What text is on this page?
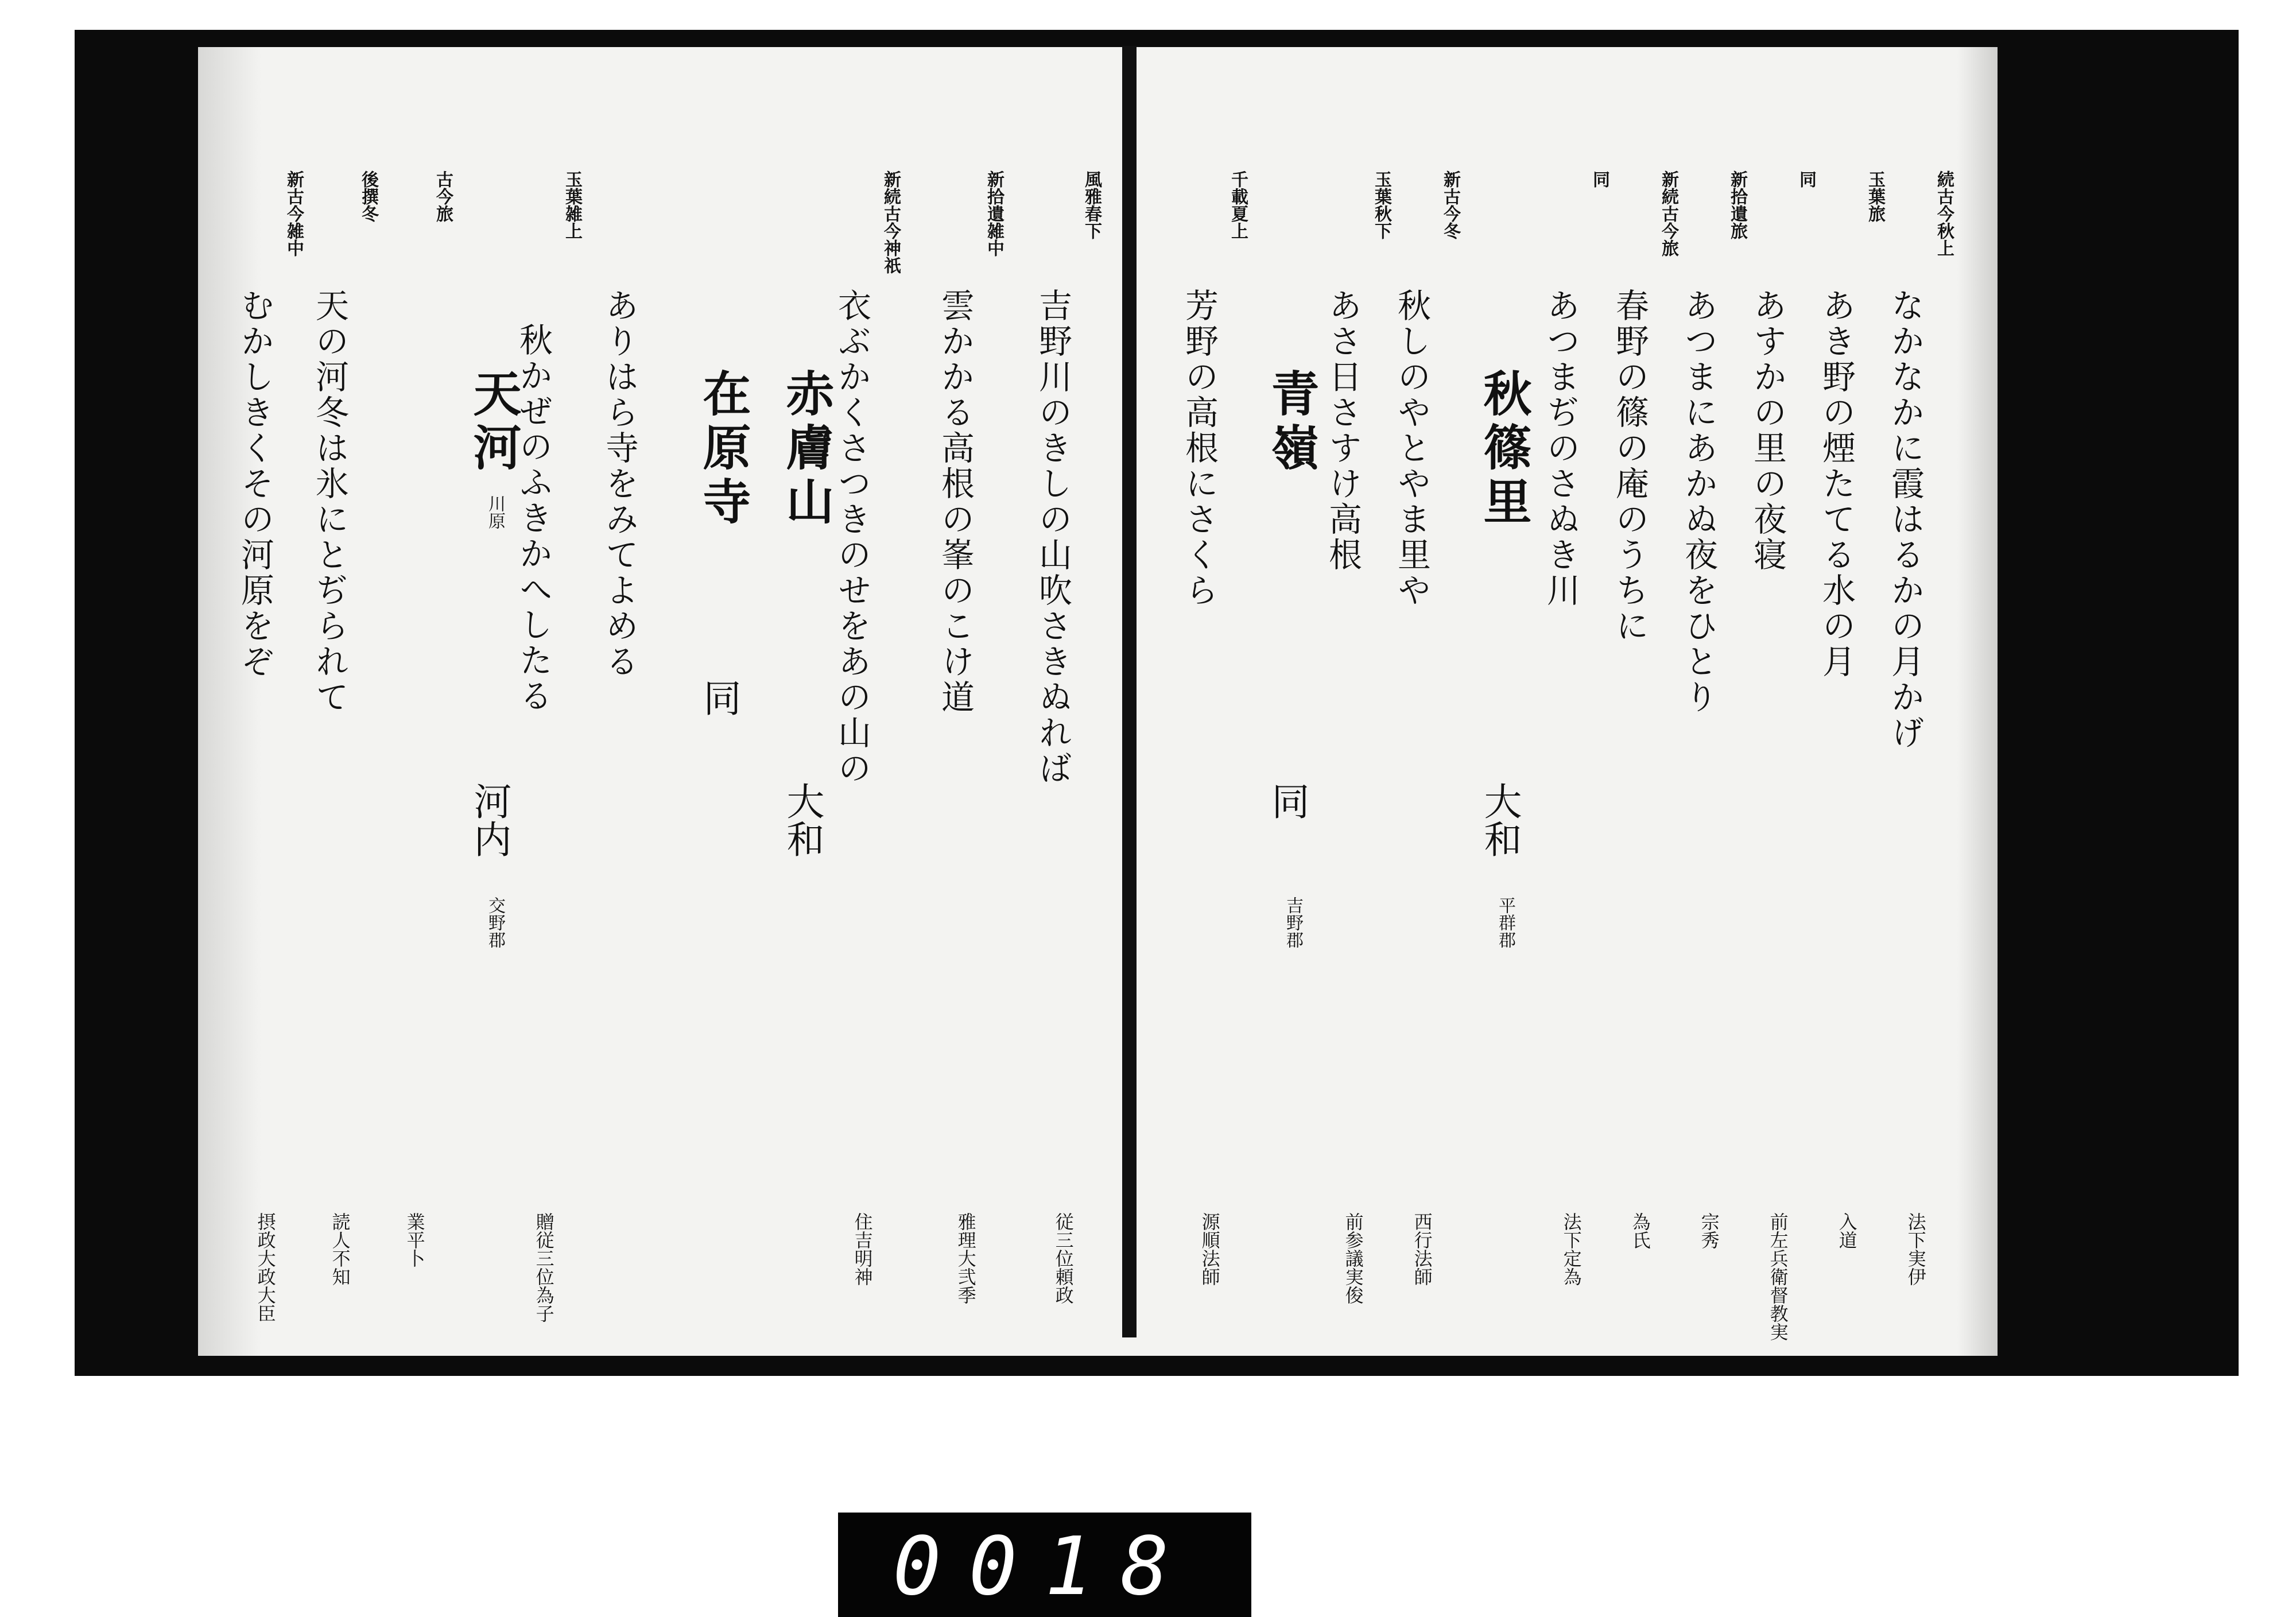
風雅春下
吉野川のきしの山吹さきぬれば
従三位頼政
新拾遺雑中
雲かかる高根の峯のこけ道
雅理大弐季
新続古今神祇
衣ぶかくさつきのせをあの山の
住吉明神
赤膚山
大和
在原寺
同
ありはら寺をみてよめる
玉葉雑上
秋かぜのふきかへしたる
贈従三位為子
天河
川原
河内
交野郡
古今旅
業平卜
後撰冬
天の河冬は氷にとぢられて
読人不知
新古今雑中
むかしきくその河原をぞ
摂政大政大臣
続古今秋上
なかなかに霞はるかの月かげ
法下実伊
玉葉旅
あき野の煙たてる水の月
入道
同
あすかの里の夜寝
前左兵衛督教実
新拾遺旅
あつまにあかぬ夜をひとり
宗秀
新続古今旅
春野の篠の庵のうちに
為氏
同
あつまぢのさぬき川
法下定為
秋篠里
大和
平群郡
新古今冬
秋しのやとやま里や
西行法師
玉葉秋下
あさ日さすけ高根
前参議実俊
青嶺
同
吉野郡
千載夏上
芳野の高根にさくら
源順法師
0018
